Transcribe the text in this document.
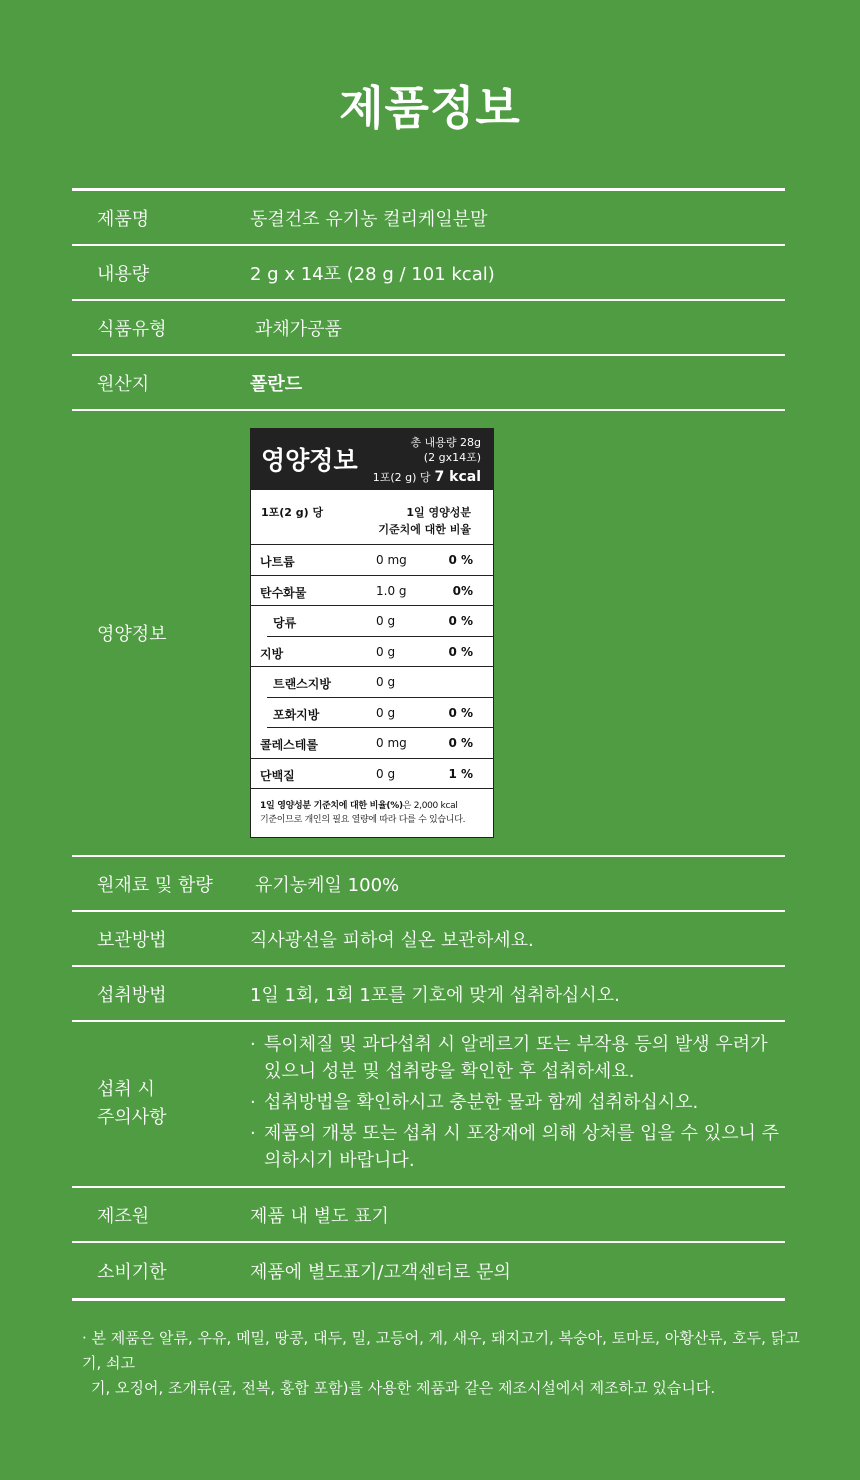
제품정보
제품명	동결건조 유기농 컬리케일분말
내용량	2 g x 14포 (28 g / 101 kcal)
식품유형	과채가공품
원산지	폴란드
영양정보
영양정보
총 내용량 28g
(2 gx14포)
1포(2 g) 당 7 kcal
1포(2 g) 당	1일 영양성분
기준치에 대한 비율
나트륨	0 mg	0 %
탄수화물	1.0 g	0%
당류	0 g	0 %
지방	0 g	0 %
트랜스지방	0 g
포화지방	0 g	0 %
콜레스테롤	0 mg	0 %
단백질	0 g	1 %
1일 영양성분 기준치에 대한 비율(%)은 2,000 kcal
기준이므로 개인의 필요 열량에 따라 다를 수 있습니다.
원재료 및 함량	유기농케일 100%
보관방법	직사광선을 피하여 실온 보관하세요.
섭취방법	1일 1회, 1회 1포를 기호에 맞게 섭취하십시오.
섭취 시
주의사항
· 특이체질 및 과다섭취 시 알레르기 또는 부작용 등의 발생 우려가 있으니 성분 및 섭취량을 확인한 후 섭취하세요.
· 섭취방법을 확인하시고 충분한 물과 함께 섭취하십시오.
· 제품의 개봉 또는 섭취 시 포장재에 의해 상처를 입을 수 있으니 주의하시기 바랍니다.
제조원	제품 내 별도 표기
소비기한	제품에 별도표기/고객센터로 문의
· 본 제품은 알류, 우유, 메밀, 땅콩, 대두, 밀, 고등어, 게, 새우, 돼지고기, 복숭아, 토마토, 아황산류, 호두, 닭고기, 쇠고
기, 오징어, 조개류(굴, 전복, 홍합 포함)를 사용한 제품과 같은 제조시설에서 제조하고 있습니다.
